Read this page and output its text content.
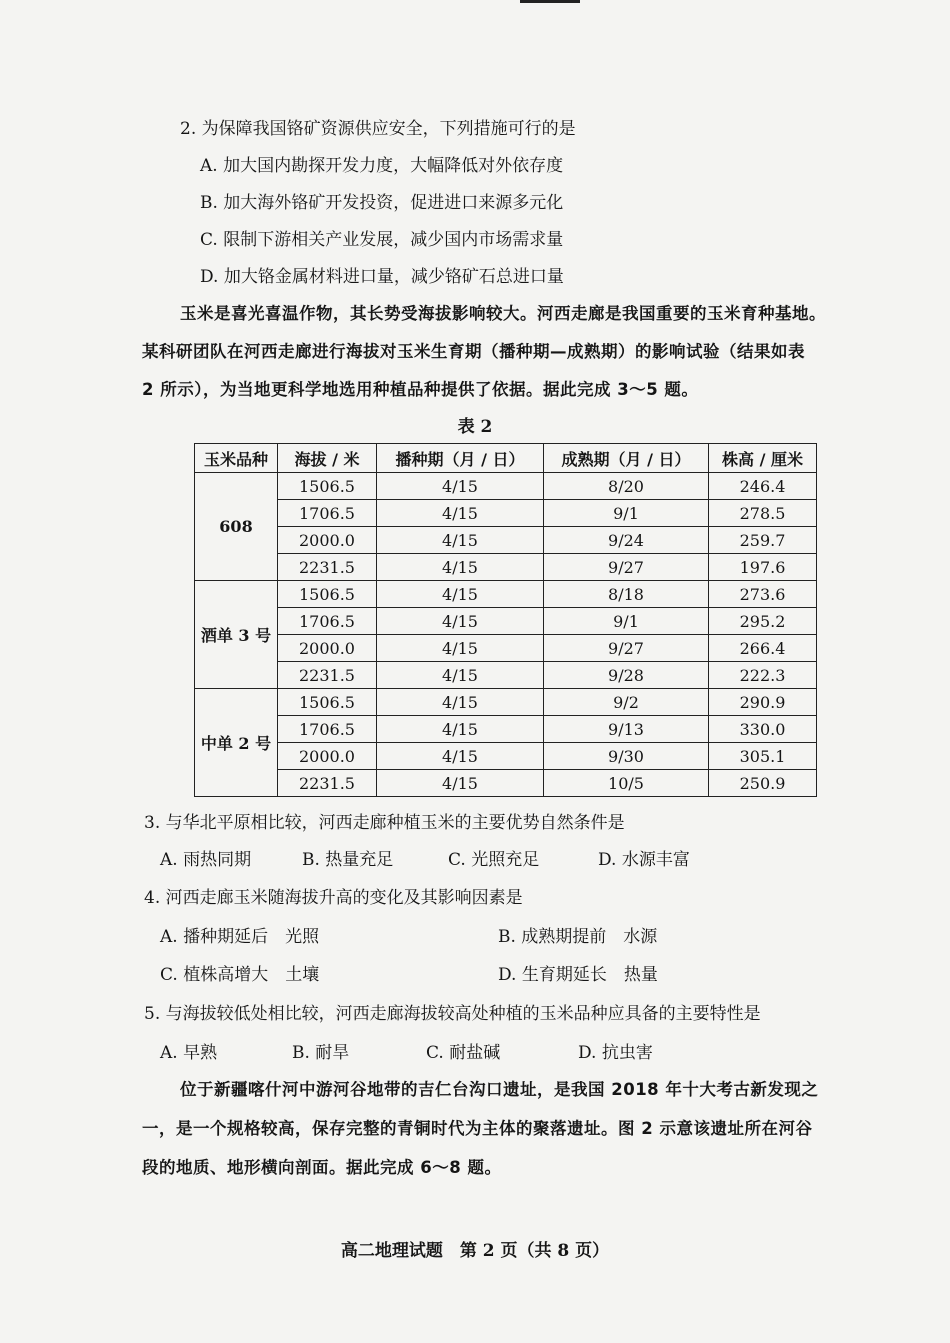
2. 为保障我国铬矿资源供应安全，下列措施可行的是
A. 加大国内勘探开发力度，大幅降低对外依存度
B. 加大海外铬矿开发投资，促进进口来源多元化
C. 限制下游相关产业发展，减少国内市场需求量
D. 加大铬金属材料进口量，减少铬矿石总进口量
玉米是喜光喜温作物，其长势受海拔影响较大。河西走廊是我国重要的玉米育种基地。
某科研团队在河西走廊进行海拔对玉米生育期（播种期—成熟期）的影响试验（结果如表
2 所示），为当地更科学地选用种植品种提供了依据。据此完成 3～5 题。
表 2
玉米品种	海拔 / 米	播种期（月 / 日）	成熟期（月 / 日）	株高 / 厘米
608	1506.5	4/15	8/20	246.4
	1706.5	4/15	9/1	278.5
	2000.0	4/15	9/24	259.7
	2231.5	4/15	9/27	197.6
酒单 3 号	1506.5	4/15	8/18	273.6
	1706.5	4/15	9/1	295.2
	2000.0	4/15	9/27	266.4
	2231.5	4/15	9/28	222.3
中单 2 号	1506.5	4/15	9/2	290.9
	1706.5	4/15	9/13	330.0
	2000.0	4/15	9/30	305.1
	2231.5	4/15	10/5	250.9
3. 与华北平原相比较，河西走廊种植玉米的主要优势自然条件是
A. 雨热同期	B. 热量充足	C. 光照充足	D. 水源丰富
4. 河西走廊玉米随海拔升高的变化及其影响因素是
A. 播种期延后　光照	B. 成熟期提前　水源
C. 植株高增大　土壤	D. 生育期延长　热量
5. 与海拔较低处相比较，河西走廊海拔较高处种植的玉米品种应具备的主要特性是
A. 早熟	B. 耐旱	C. 耐盐碱	D. 抗虫害
位于新疆喀什河中游河谷地带的吉仁台沟口遗址，是我国 2018 年十大考古新发现之
一，是一个规格较高，保存完整的青铜时代为主体的聚落遗址。图 2 示意该遗址所在河谷
段的地质、地形横向剖面。据此完成 6～8 题。
高二地理试题　第 2 页（共 8 页）
